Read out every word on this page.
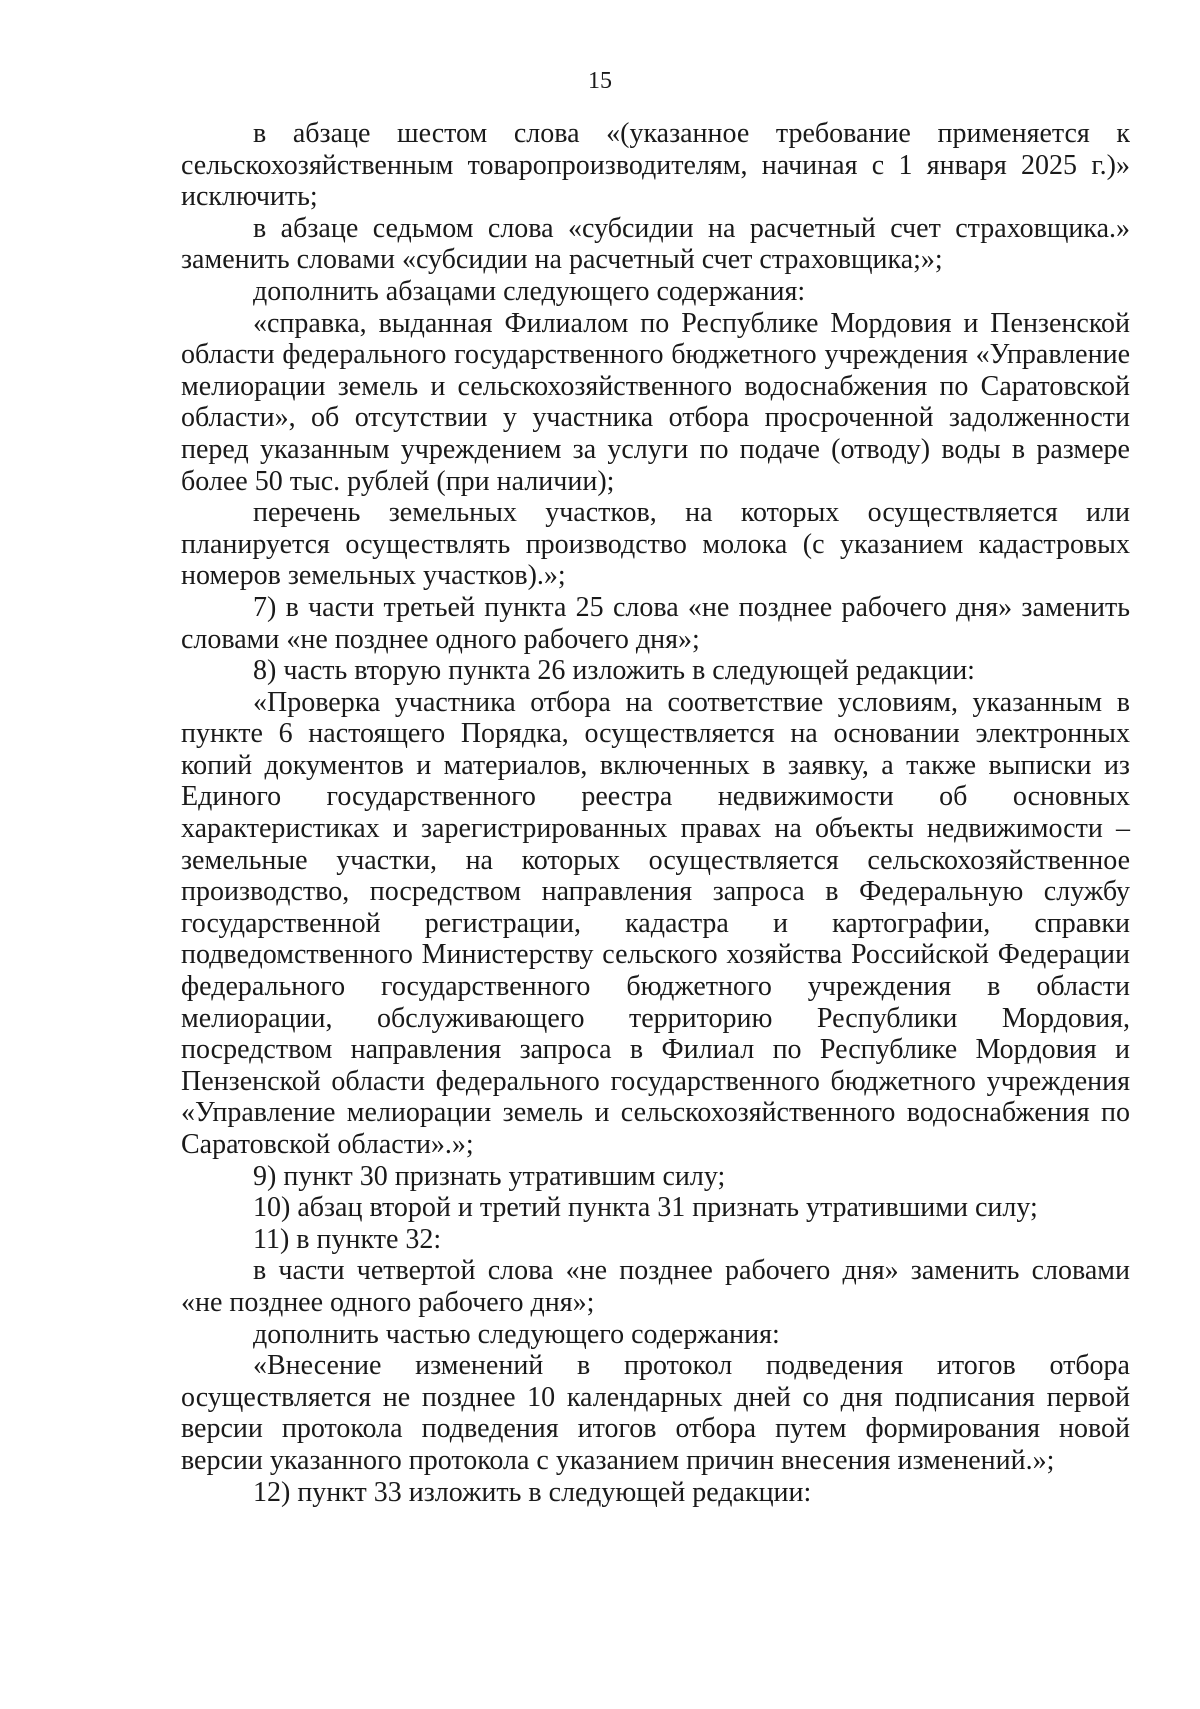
15

в абзаце шестом слова «(указанное требование применяется к сельскохозяйственным товаропроизводителям, начиная с 1 января 2025 г.)» исключить;

в абзаце седьмом слова «субсидии на расчетный счет страховщика.» заменить словами «субсидии на расчетный счет страховщика;»;

дополнить абзацами следующего содержания:

«справка, выданная Филиалом по Республике Мордовия и Пензенской области федерального государственного бюджетного учреждения «Управление мелиорации земель и сельскохозяйственного водоснабжения по Саратовской области», об отсутствии у участника отбора просроченной задолженности перед указанным учреждением за услуги по подаче (отводу) воды в размере более 50 тыс. рублей (при наличии);

перечень земельных участков, на которых осуществляется или планируется осуществлять производство молока (с указанием кадастровых номеров земельных участков).»;

7) в части третьей пункта 25 слова «не позднее рабочего дня» заменить словами «не позднее одного рабочего дня»;

8) часть вторую пункта 26 изложить в следующей редакции:

«Проверка участника отбора на соответствие условиям, указанным в пункте 6 настоящего Порядка, осуществляется на основании электронных копий документов и материалов, включенных в заявку, а также выписки из Единого государственного реестра недвижимости об основных характеристиках и зарегистрированных правах на объекты недвижимости – земельные участки, на которых осуществляется сельскохозяйственное производство, посредством направления запроса в Федеральную службу государственной регистрации, кадастра и картографии, справки подведомственного Министерству сельского хозяйства Российской Федерации федерального государственного бюджетного учреждения в области мелиорации, обслуживающего территорию Республики Мордовия, посредством направления запроса в Филиал по Республике Мордовия и Пензенской области федерального государственного бюджетного учреждения «Управление мелиорации земель и сельскохозяйственного водоснабжения по Саратовской области».»;

9) пункт 30 признать утратившим силу;

10) абзац второй и третий пункта 31 признать утратившими силу;

11) в пункте 32:

в части четвертой слова «не позднее рабочего дня» заменить словами «не позднее одного рабочего дня»;

дополнить частью следующего содержания:

«Внесение изменений в протокол подведения итогов отбора осуществляется не позднее 10 календарных дней со дня подписания первой версии протокола подведения итогов отбора путем формирования новой версии указанного протокола с указанием причин внесения изменений.»;

12) пункт 33 изложить в следующей редакции:
